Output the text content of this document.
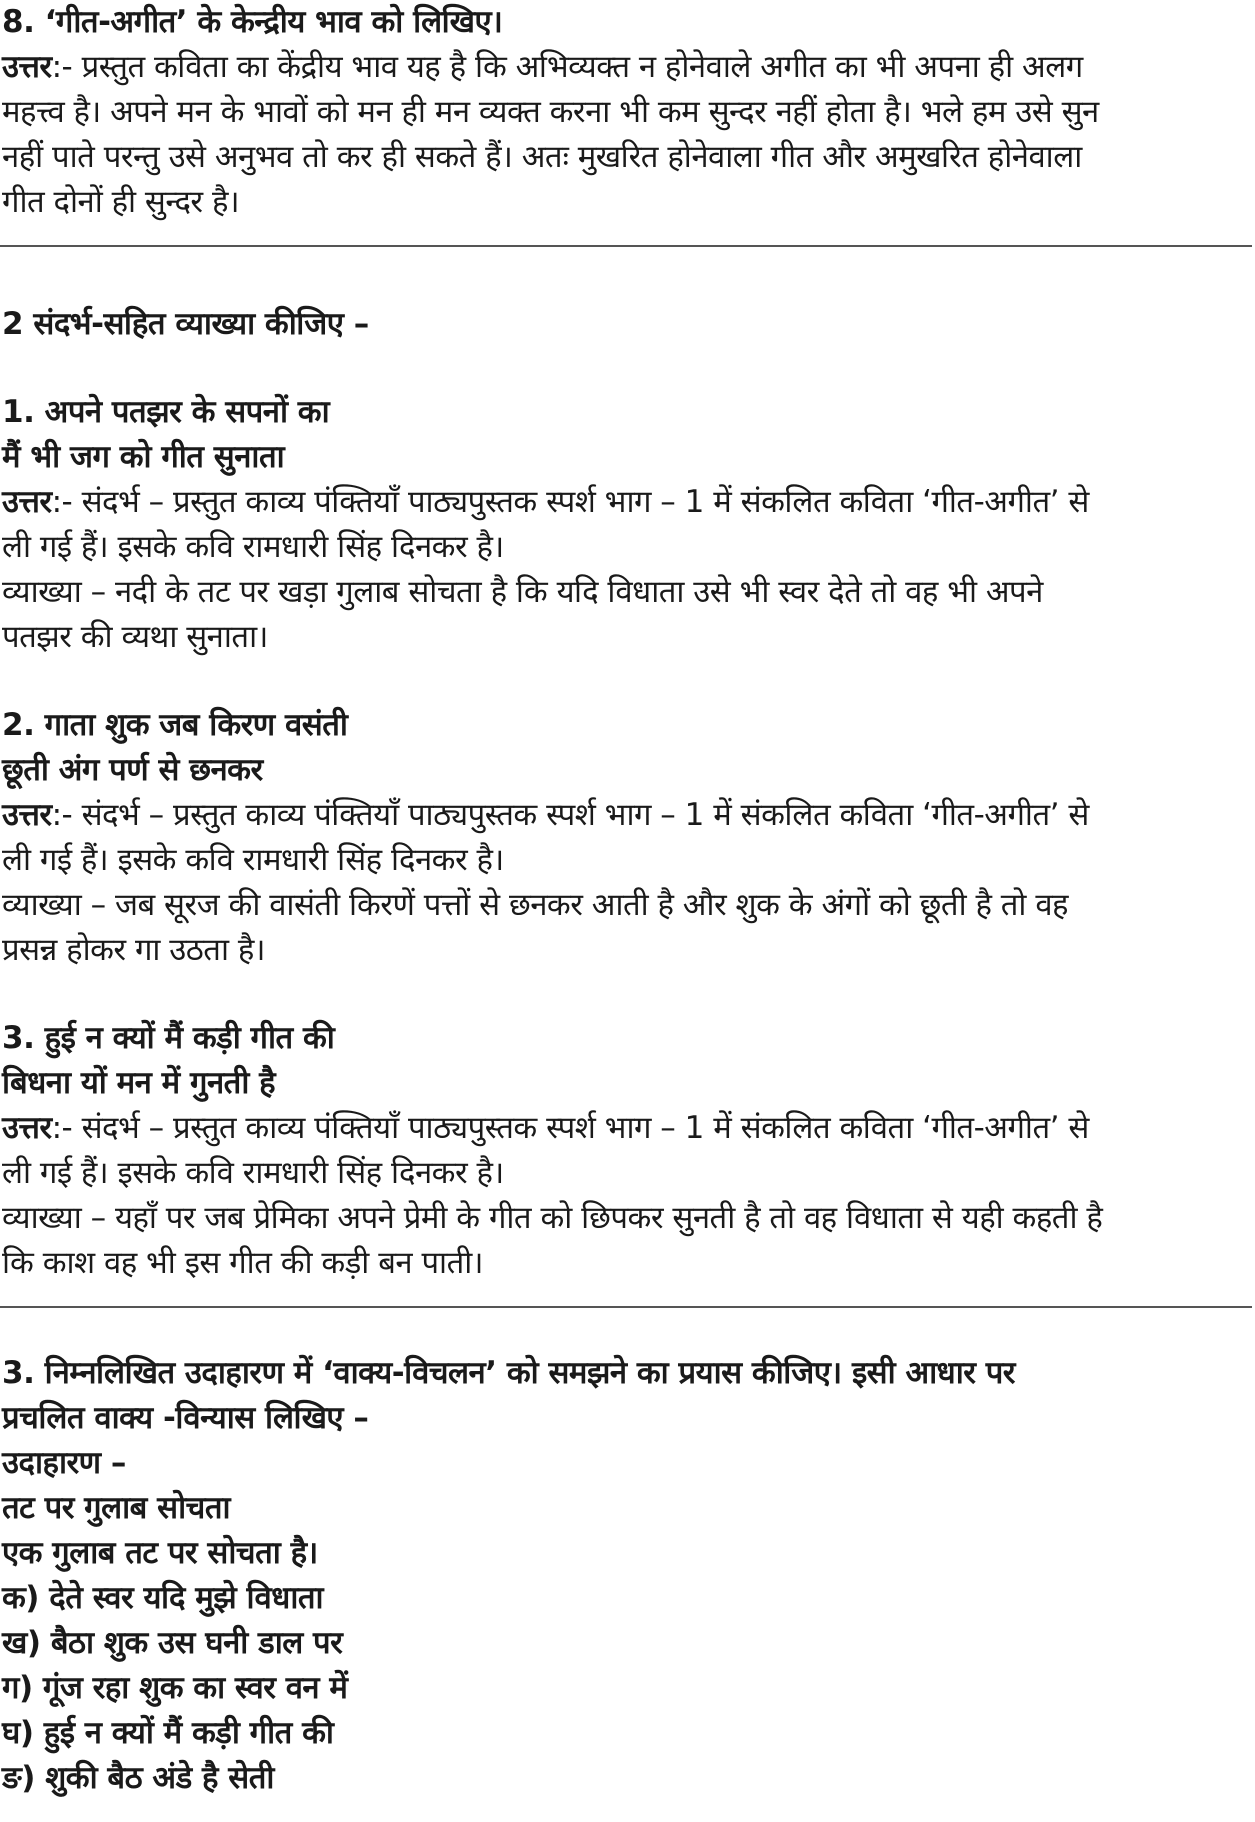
8. ‘गीत-अगीत’ के केन्द्रीय भाव को लिखिए।
उत्तर:- प्रस्तुत कविता का केंद्रीय भाव यह है कि अभिव्यक्त न होनेवाले अगीत का भी अपना ही अलग
महत्त्व है। अपने मन के भावों को मन ही मन व्यक्त करना भी कम सुन्दर नहीं होता है। भले हम उसे सुन
नहीं पाते परन्तु उसे अनुभव तो कर ही सकते हैं। अतः मुखरित होनेवाला गीत और अमुखरित होनेवाला
गीत दोनों ही सुन्दर है।
2 संदर्भ-सहित व्याख्या कीजिए –
1. अपने पतझर के सपनों का
मैं भी जग को गीत सुनाता
उत्तर:- संदर्भ – प्रस्तुत काव्य पंक्तियाँ पाठ्यपुस्तक स्पर्श भाग – 1 में संकलित कविता ‘गीत-अगीत’ से
ली गई हैं। इसके कवि रामधारी सिंह दिनकर है।
व्याख्या – नदी के तट पर खड़ा गुलाब सोचता है कि यदि विधाता उसे भी स्वर देते तो वह भी अपने
पतझर की व्यथा सुनाता।
2. गाता शुक जब किरण वसंती
छूती अंग पर्ण से छनकर
उत्तर:- संदर्भ – प्रस्तुत काव्य पंक्तियाँ पाठ्यपुस्तक स्पर्श भाग – 1 में संकलित कविता ‘गीत-अगीत’ से
ली गई हैं। इसके कवि रामधारी सिंह दिनकर है।
व्याख्या – जब सूरज की वासंती किरणें पत्तों से छनकर आती है और शुक के अंगों को छूती है तो वह
प्रसन्न होकर गा उठता है।
3. हुई न क्यों मैं कड़ी गीत की
बिधना यों मन में गुनती है
उत्तर:- संदर्भ – प्रस्तुत काव्य पंक्तियाँ पाठ्यपुस्तक स्पर्श भाग – 1 में संकलित कविता ‘गीत-अगीत’ से
ली गई हैं। इसके कवि रामधारी सिंह दिनकर है।
व्याख्या – यहाँ पर जब प्रेमिका अपने प्रेमी के गीत को छिपकर सुनती है तो वह विधाता से यही कहती है
कि काश वह भी इस गीत की कड़ी बन पाती।
3. निम्नलिखित उदाहारण में ‘वाक्य-विचलन’ को समझने का प्रयास कीजिए। इसी आधार पर
प्रचलित वाक्य -विन्यास लिखिए –
उदाहारण –
तट पर गुलाब सोचता
एक गुलाब तट पर सोचता है।
क) देते स्वर यदि मुझे विधाता
ख) बैठा शुक उस घनी डाल पर
ग) गूंज रहा शुक का स्वर वन में
घ) हुई न क्यों मैं कड़ी गीत की
ङ) शुकी बैठ अंडे है सेती
